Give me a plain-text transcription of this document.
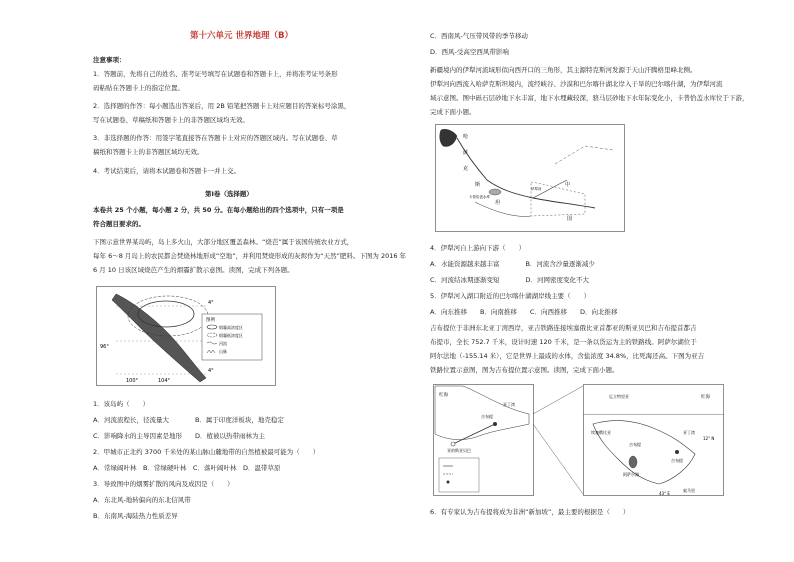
第十六单元 世界地理（B）
注意事项：
1．答题前，先将自己的姓名、准考证号填写在试题卷和答题卡上，并将准考证号条形
码粘贴在答题卡上的指定位置。
2．选择题的作答：每小题选出答案后，用 2B 铅笔把答题卡上对应题目的答案标号涂黑，
写在试题卷、草稿纸和答题卡上的非答题区域均无效。
3．非选择题的作答：用签字笔直接答在答题卡上对应的答题区域内。写在试题卷、草
稿纸和答题卡上的非答题区域均无效。
4．考试结束后，请将本试题卷和答题卡一并上交。
第Ⅰ卷（选择题）
本卷共 25 个小题，每小题 2 分，共 50 分。在每小题给出的四个选项中，只有一项是
符合题目要求的。
下图示意世界某岛屿，岛上多火山，大部分地区覆盖森林。“烧芭”属于该国传统农业方式，
每年 6～8 月岛上的农民都会焚烧林地形成“空地”，并利用焚烧形成的灰烬作为“天然”肥料。下图为 2016 年
6 月 10 日该区域烧芭产生的烟霾扩散示意图。读图，完成下列各题。
4°
4°
96°
100°	104°
图例
烟霾高浓度区
烟霾低浓度区
河流
山脉
1．该岛屿（　　）
A．河流流程长，径流量大　　　　B．属于印度洋板块，地壳稳定
C．影响降水的主导因素是地形　　D．植被以热带雨林为主
2．甲城市正北约 3700 千米处的某山脉山麓地带的自然植被最可能为（　　）
A．常绿阔叶林　B．常绿硬叶林　C．落叶阔叶林　D．温带草原
3．导致图中的烟雾扩散的风向及成因是（　　）
A．东北风-地转偏向的东北信风带
B．东南风-海陆热力性质差异
C．西南风-气压带风带的季节移动
D．西风-受高空西风带影响
新疆境内的伊犁河流域形似向西开口的三角形，其主源特克斯河发源于天山汗腾格里峰北侧。
伊犁河向西流入哈萨克斯坦境内，流经峡谷、沙漠和巴尔喀什湖北岸入干旱的巴尔喀什湖，为伊犁河流
域示意图。图中砾石层砂地下水丰富，地下水埋藏较深，骆马层砂地下水年际变化小，卡普恰盖水库位于下游，
完成下面小题。
哈
萨
克
斯
坦
中
国
伊犁河
卡普恰盖水库
4．伊犁河自上游向下游（　　）
A．水能资源越来越丰富　　　　B．河流含沙量逐渐减少
C．河流结冰期逐渐变短　　　　D．河网密度变化不大
5．伊犁河入湖口附近的巴尔喀什湖湖岸线主要（　　）
A．向东推移　　B．向南推移　　C．向西推移　　D．向北推移
吉布提位于非洲东北亚丁湾西岸，亚吉铁路连接埃塞俄比亚首都亚的斯亚贝巴和吉布提首都吉
布提市，全长 752.7 千米，设计时速 120 千米，是一条以货运为主的铁路线。阿萨尔湖位于
阿尔法地（-155.14 米），它是世界上最咸的水体，含盐浓度 34.8%，比死海还高。下图为亚吉
铁路位置示意图，图为吉布提位置示意图。读图，完成下面小题。
亚的斯亚贝巴
吉布提
亚丁湾
红海	厄立特里亚
埃塞俄比亚
吉布提
阿萨尔湖
亚丁湾
吉布提
索马里
红海
12° N
43° E
6．有专家认为吉布提将成为非洲“新加坡”，最主要的根据是（　　）
